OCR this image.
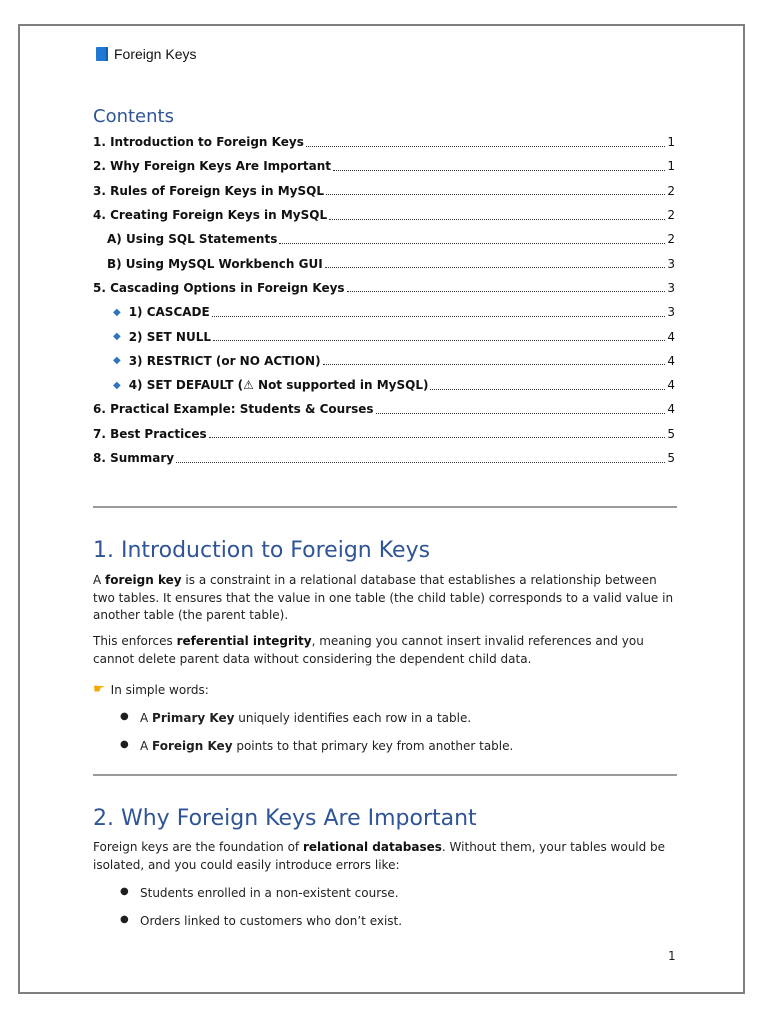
Foreign Keys
Contents
1. Introduction to Foreign Keys	1
2. Why Foreign Keys Are Important	1
3. Rules of Foreign Keys in MySQL	2
4. Creating Foreign Keys in MySQL	2
A) Using SQL Statements	2
B) Using MySQL Workbench GUI	3
5. Cascading Options in Foreign Keys	3
◆ 1) CASCADE	3
◆ 2) SET NULL	4
◆ 3) RESTRICT (or NO ACTION)	4
◆ 4) SET DEFAULT (⚠ Not supported in MySQL)	4
6. Practical Example: Students & Courses	4
7. Best Practices	5
8. Summary	5
1. Introduction to Foreign Keys

A foreign key is a constraint in a relational database that establishes a relationship between two tables. It ensures that the value in one table (the child table) corresponds to a valid value in another table (the parent table).

This enforces referential integrity, meaning you cannot insert invalid references and you cannot delete parent data without considering the dependent child data.

☛ In simple words:
● A Primary Key uniquely identifies each row in a table.
● A Foreign Key points to that primary key from another table.
2. Why Foreign Keys Are Important

Foreign keys are the foundation of relational databases. Without them, your tables would be isolated, and you could easily introduce errors like:

● Students enrolled in a non-existent course.
● Orders linked to customers who don’t exist.
1
